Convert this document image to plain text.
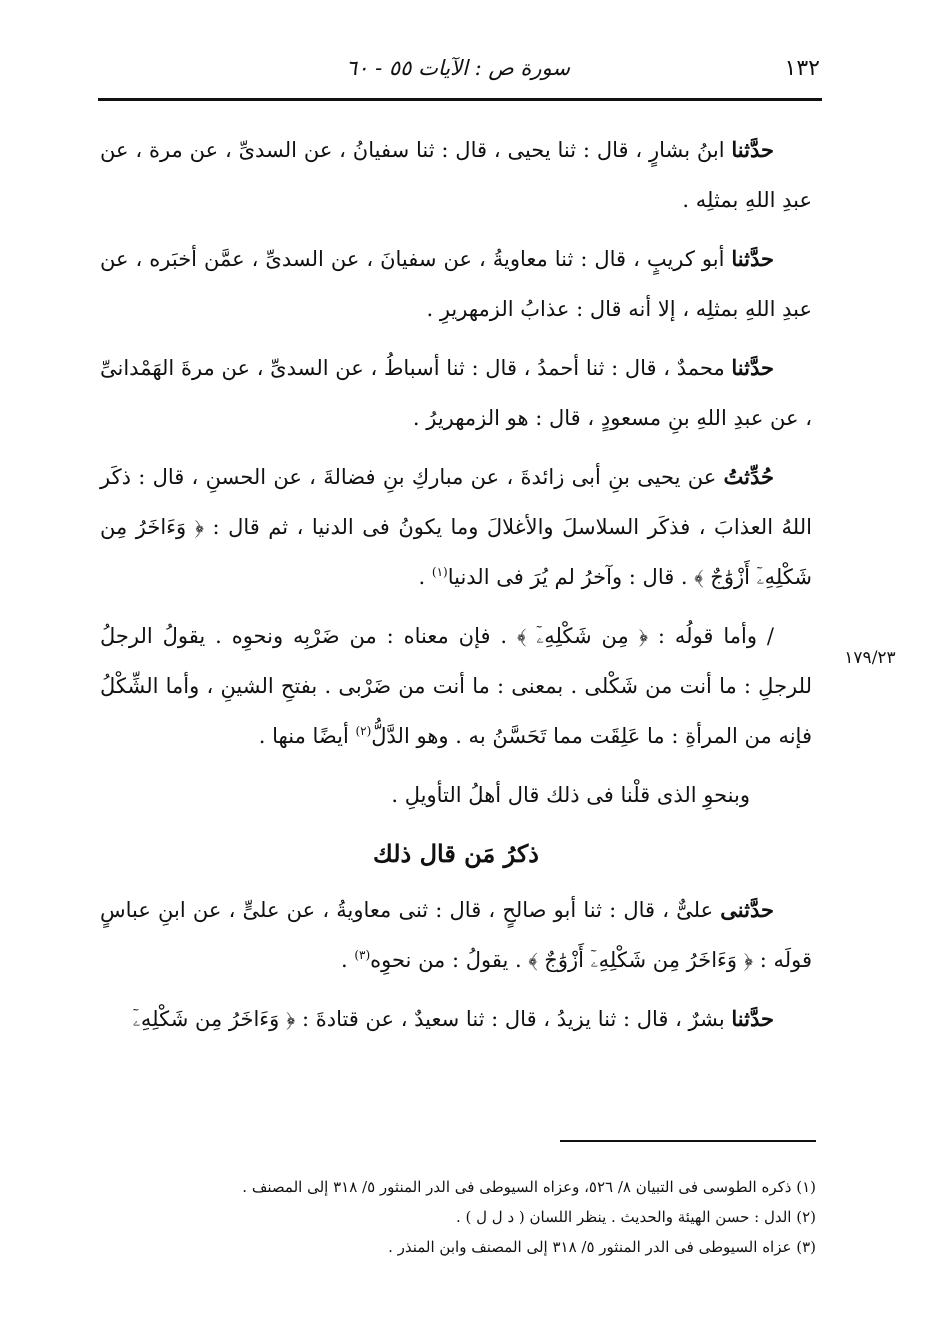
١٣٢
سورة ص : الآيات ٥٥ - ٦٠
١٧٩/٢٣

حدَّثنا ابنُ بشارٍ ، قال : ثنا يحيى ، قال : ثنا سفيانُ ، عن السدىِّ ، عن مرة ، عن عبدِ اللهِ بمثلِه .

حدَّثنا أبو كريبٍ ، قال : ثنا معاويةُ ، عن سفيانَ ، عن السدىِّ ، عمَّن أخبَره ، عن عبدِ اللهِ بمثلِه ، إلا أنه قال : عذابُ الزمهريرِ .

حدَّثنا محمدٌ ، قال : ثنا أحمدُ ، قال : ثنا أسباطُ ، عن السدىِّ ، عن مرةَ الهَمْدانىِّ ، عن عبدِ اللهِ بنِ مسعودٍ ، قال : هو الزمهريرُ .

حُدِّثتُ عن يحيى بنِ أبى زائدةَ ، عن مباركِ بنِ فضالةَ ، عن الحسنِ ، قال : ذكَر اللهُ العذابَ ، فذكَر السلاسلَ والأغلالَ وما يكونُ فى الدنيا ، ثم قال : ﴿ وَءَاخَرُ مِن شَكْلِهِۦٓ أَزْوَٰجٌ ﴾ . قال : وآخرُ لم يُرَ فى الدنيا$^{(١)}$ .

/ وأما قولُه : ﴿ مِن شَكْلِهِۦٓ ﴾ . فإن معناه : من ضَرْبِه ونحوِه . يقولُ الرجلُ للرجلِ : ما أنت من شَكْلى . بمعنى : ما أنت من ضَرْبى . بفتحِ الشينِ ، وأما الشِّكْلُ فإنه من المرأةِ : ما عَلِقَت مما تَحَسَّنُ به . وهو الدَّلُّ$^{(٢)}$ أيضًا منها .

وبنحوِ الذى قلْنا فى ذلك قال أهلُ التأويلِ .

ذكرُ مَن قال ذلك

حدَّثنى علىٌّ ، قال : ثنا أبو صالحٍ ، قال : ثنى معاويةُ ، عن علىٍّ ، عن ابنِ عباسٍ قولَه : ﴿ وَءَاخَرُ مِن شَكْلِهِۦٓ أَزْوَٰجٌ ﴾ . يقولُ : من نحوِه$^{(٣)}$ .

حدَّثنا بشرٌ ، قال : ثنا يزيدُ ، قال : ثنا سعيدٌ ، عن قتادةَ : ﴿ وَءَاخَرُ مِن شَكْلِهِۦٓ

(١) ذكره الطوسى فى التبيان ٨/ ٥٢٦، وعزاه السيوطى فى الدر المنثور ٥/ ٣١٨ إلى المصنف .

(٢) الدل : حسن الهيئة والحديث . ينظر اللسان ( د ل ل ) .

(٣) عزاه السيوطى فى الدر المنثور ٥/ ٣١٨ إلى المصنف وابن المنذر .
